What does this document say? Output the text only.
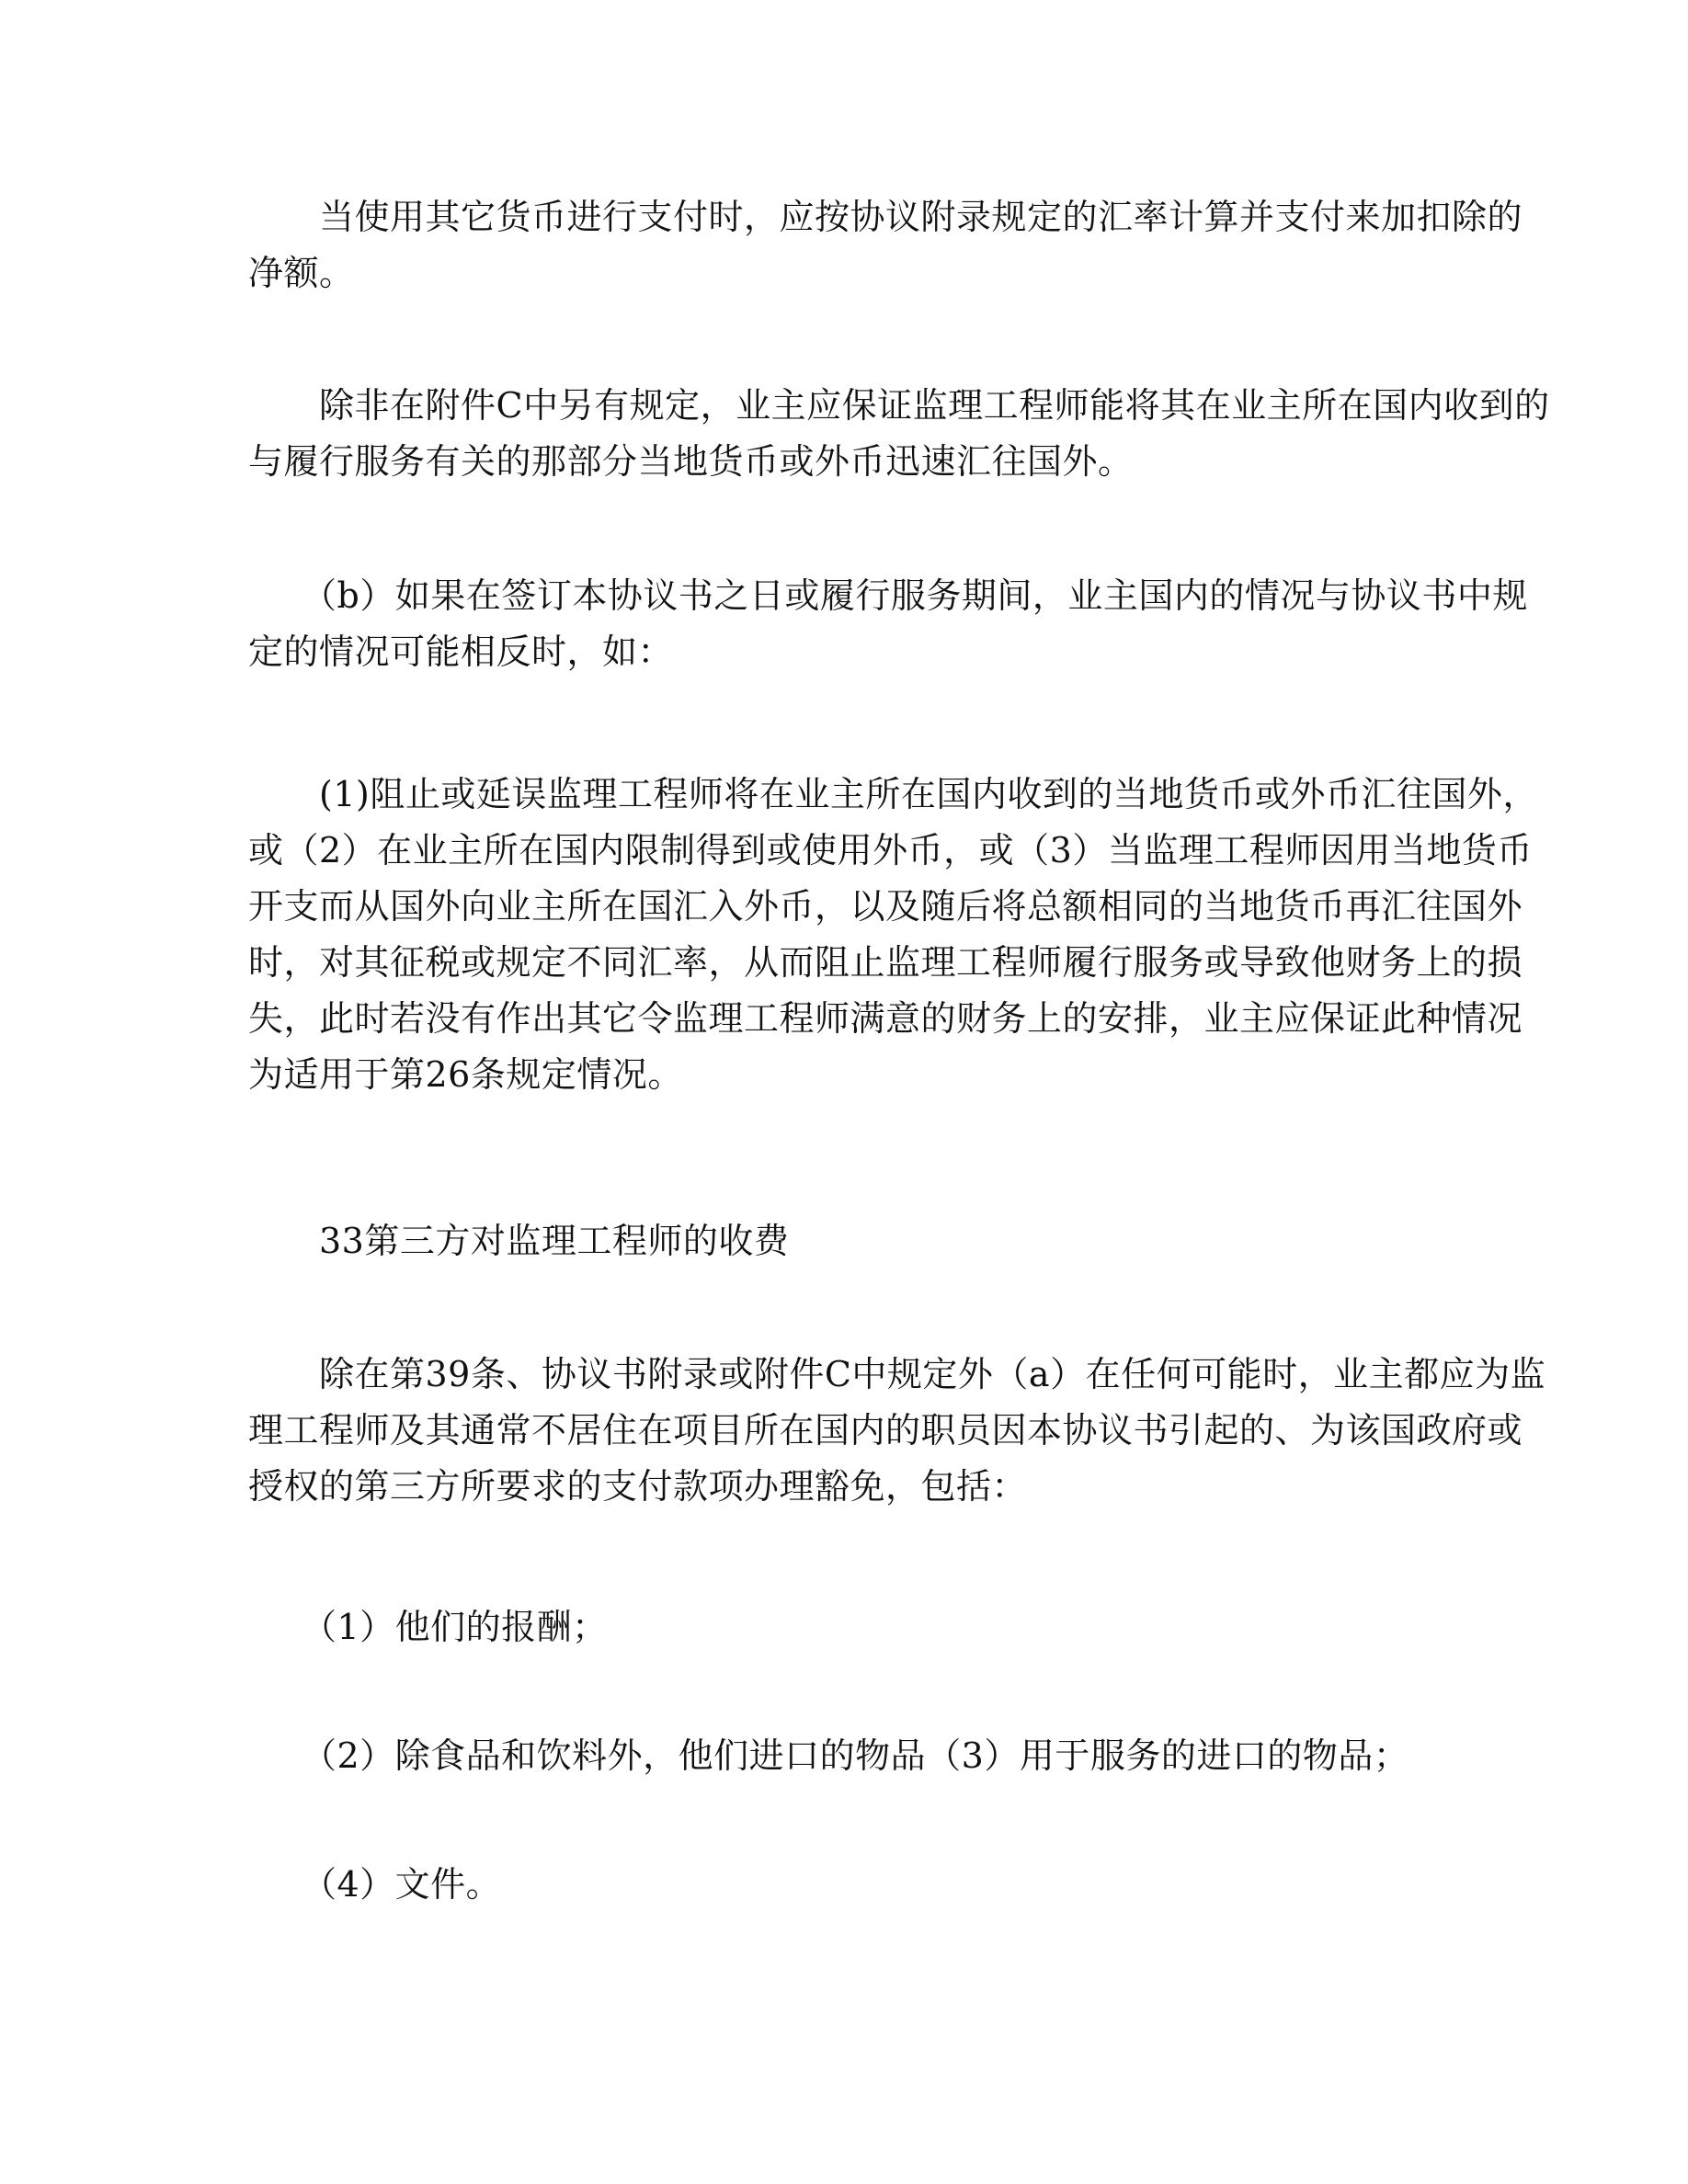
　　当使用其它货币进行支付时，应按协议附录规定的汇率计算并支付来加扣除的
净额。
　　除非在附件C中另有规定，业主应保证监理工程师能将其在业主所在国内收到的
与履行服务有关的那部分当地货币或外币迅速汇往国外。
　　（b）如果在签订本协议书之日或履行服务期间，业主国内的情况与协议书中规
定的情况可能相反时，如：
　　(1)阻止或延误监理工程师将在业主所在国内收到的当地货币或外币汇往国外，
或（2）在业主所在国内限制得到或使用外币，或（3）当监理工程师因用当地货币
开支而从国外向业主所在国汇入外币，以及随后将总额相同的当地货币再汇往国外
时，对其征税或规定不同汇率，从而阻止监理工程师履行服务或导致他财务上的损
失，此时若没有作出其它令监理工程师满意的财务上的安排，业主应保证此种情况
为适用于第26条规定情况。
　　33第三方对监理工程师的收费
　　除在第39条、协议书附录或附件C中规定外（a）在任何可能时，业主都应为监
理工程师及其通常不居住在项目所在国内的职员因本协议书引起的、为该国政府或
授权的第三方所要求的支付款项办理豁免，包括：
　　（1）他们的报酬；
　　（2）除食品和饮料外，他们进口的物品（3）用于服务的进口的物品；
　　（4）文件。
